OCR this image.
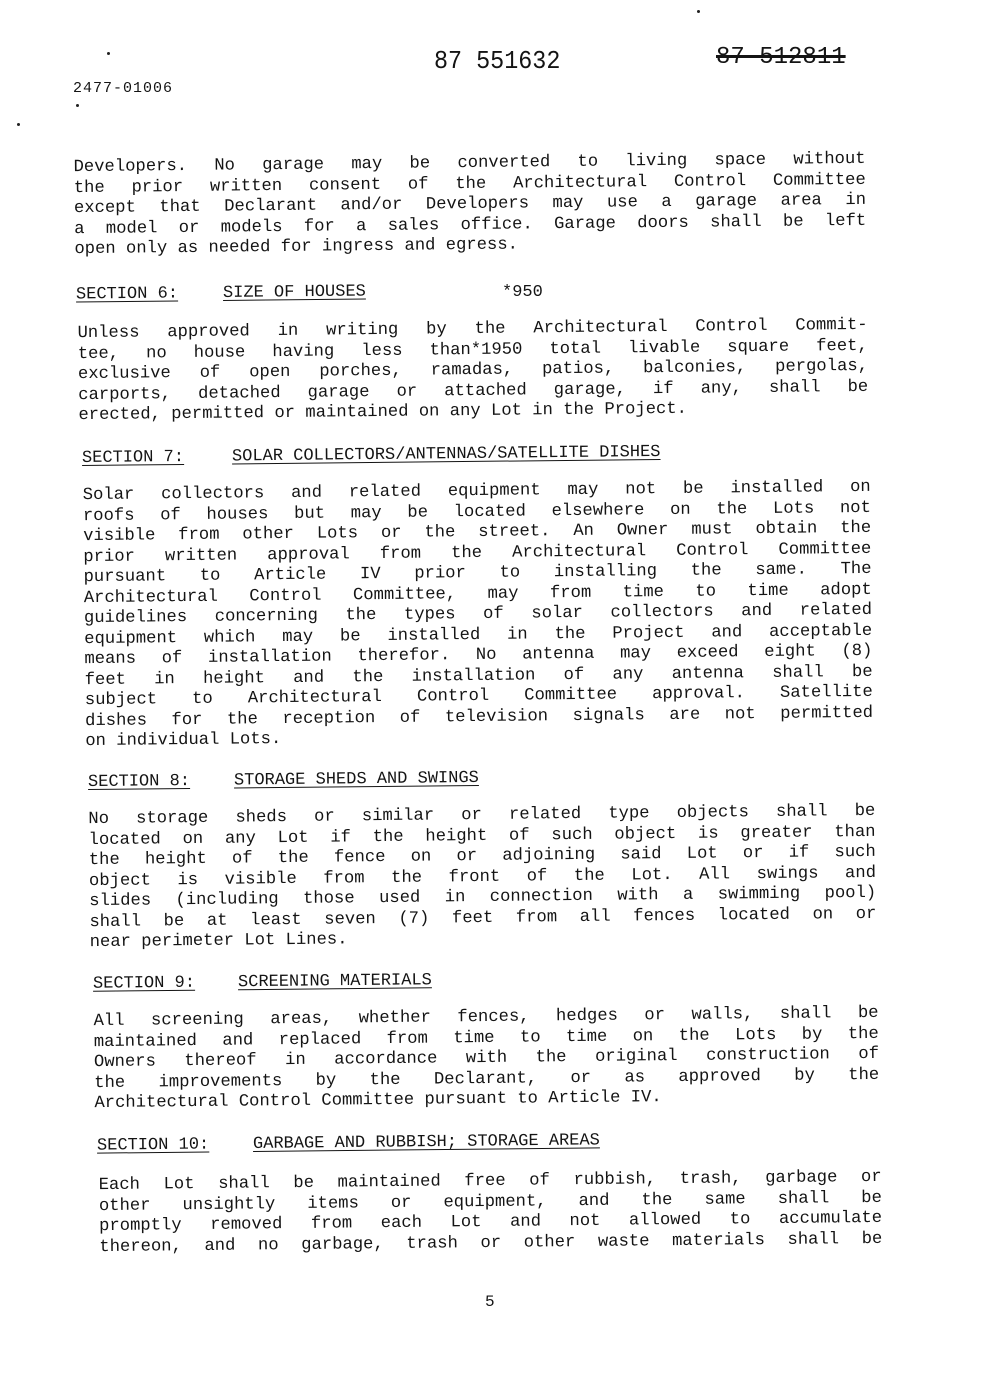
87 551632	87 512811
2477-01006
Developers. No garage may be converted to living space without
the prior written consent of the Architectural Control Committee
except that Declarant and/or Developers may use a garage area in
a model or models for a sales office. Garage doors shall be left
open only as needed for ingress and egress.
SECTION 6:	SIZE OF HOUSES	*950
Unless approved in writing by the Architectural Control Commit-
tee, no house having less than*1950 total livable square feet,
exclusive of open porches, ramadas, patios, balconies, pergolas,
carports, detached garage or attached garage, if any, shall be
erected, permitted or maintained on any Lot in the Project.
SECTION 7:	SOLAR COLLECTORS/ANTENNAS/SATELLITE DISHES
Solar collectors and related equipment may not be installed on
roofs of houses but may be located elsewhere on the Lots not
visible from other Lots or the street. An Owner must obtain the
prior written approval from the Architectural Control Committee
pursuant to Article IV prior to installing the same. The
Architectural Control Committee, may from time to time adopt
guidelines concerning the types of solar collectors and related
equipment which may be installed in the Project and acceptable
means of installation therefor. No antenna may exceed eight (8)
feet in height and the installation of any antenna shall be
subject to Architectural Control Committee approval. Satellite
dishes for the reception of television signals are not permitted
on individual Lots.
SECTION 8:	STORAGE SHEDS AND SWINGS
No storage sheds or similar or related type objects shall be
located on any Lot if the height of such object is greater than
the height of the fence on or adjoining said Lot or if such
object is visible from the front of the Lot. All swings and
slides (including those used in connection with a swimming pool)
shall be at least seven (7) feet from all fences located on or
near perimeter Lot Lines.
SECTION 9:	SCREENING MATERIALS
All screening areas, whether fences, hedges or walls, shall be
maintained and replaced from time to time on the Lots by the
Owners thereof in accordance with the original construction of
the improvements by the Declarant, or as approved by the
Architectural Control Committee pursuant to Article IV.
SECTION 10:	GARBAGE AND RUBBISH; STORAGE AREAS
Each Lot shall be maintained free of rubbish, trash, garbage or
other unsightly items or equipment, and the same shall be
promptly removed from each Lot and not allowed to accumulate
thereon, and no garbage, trash or other waste materials shall be
5
